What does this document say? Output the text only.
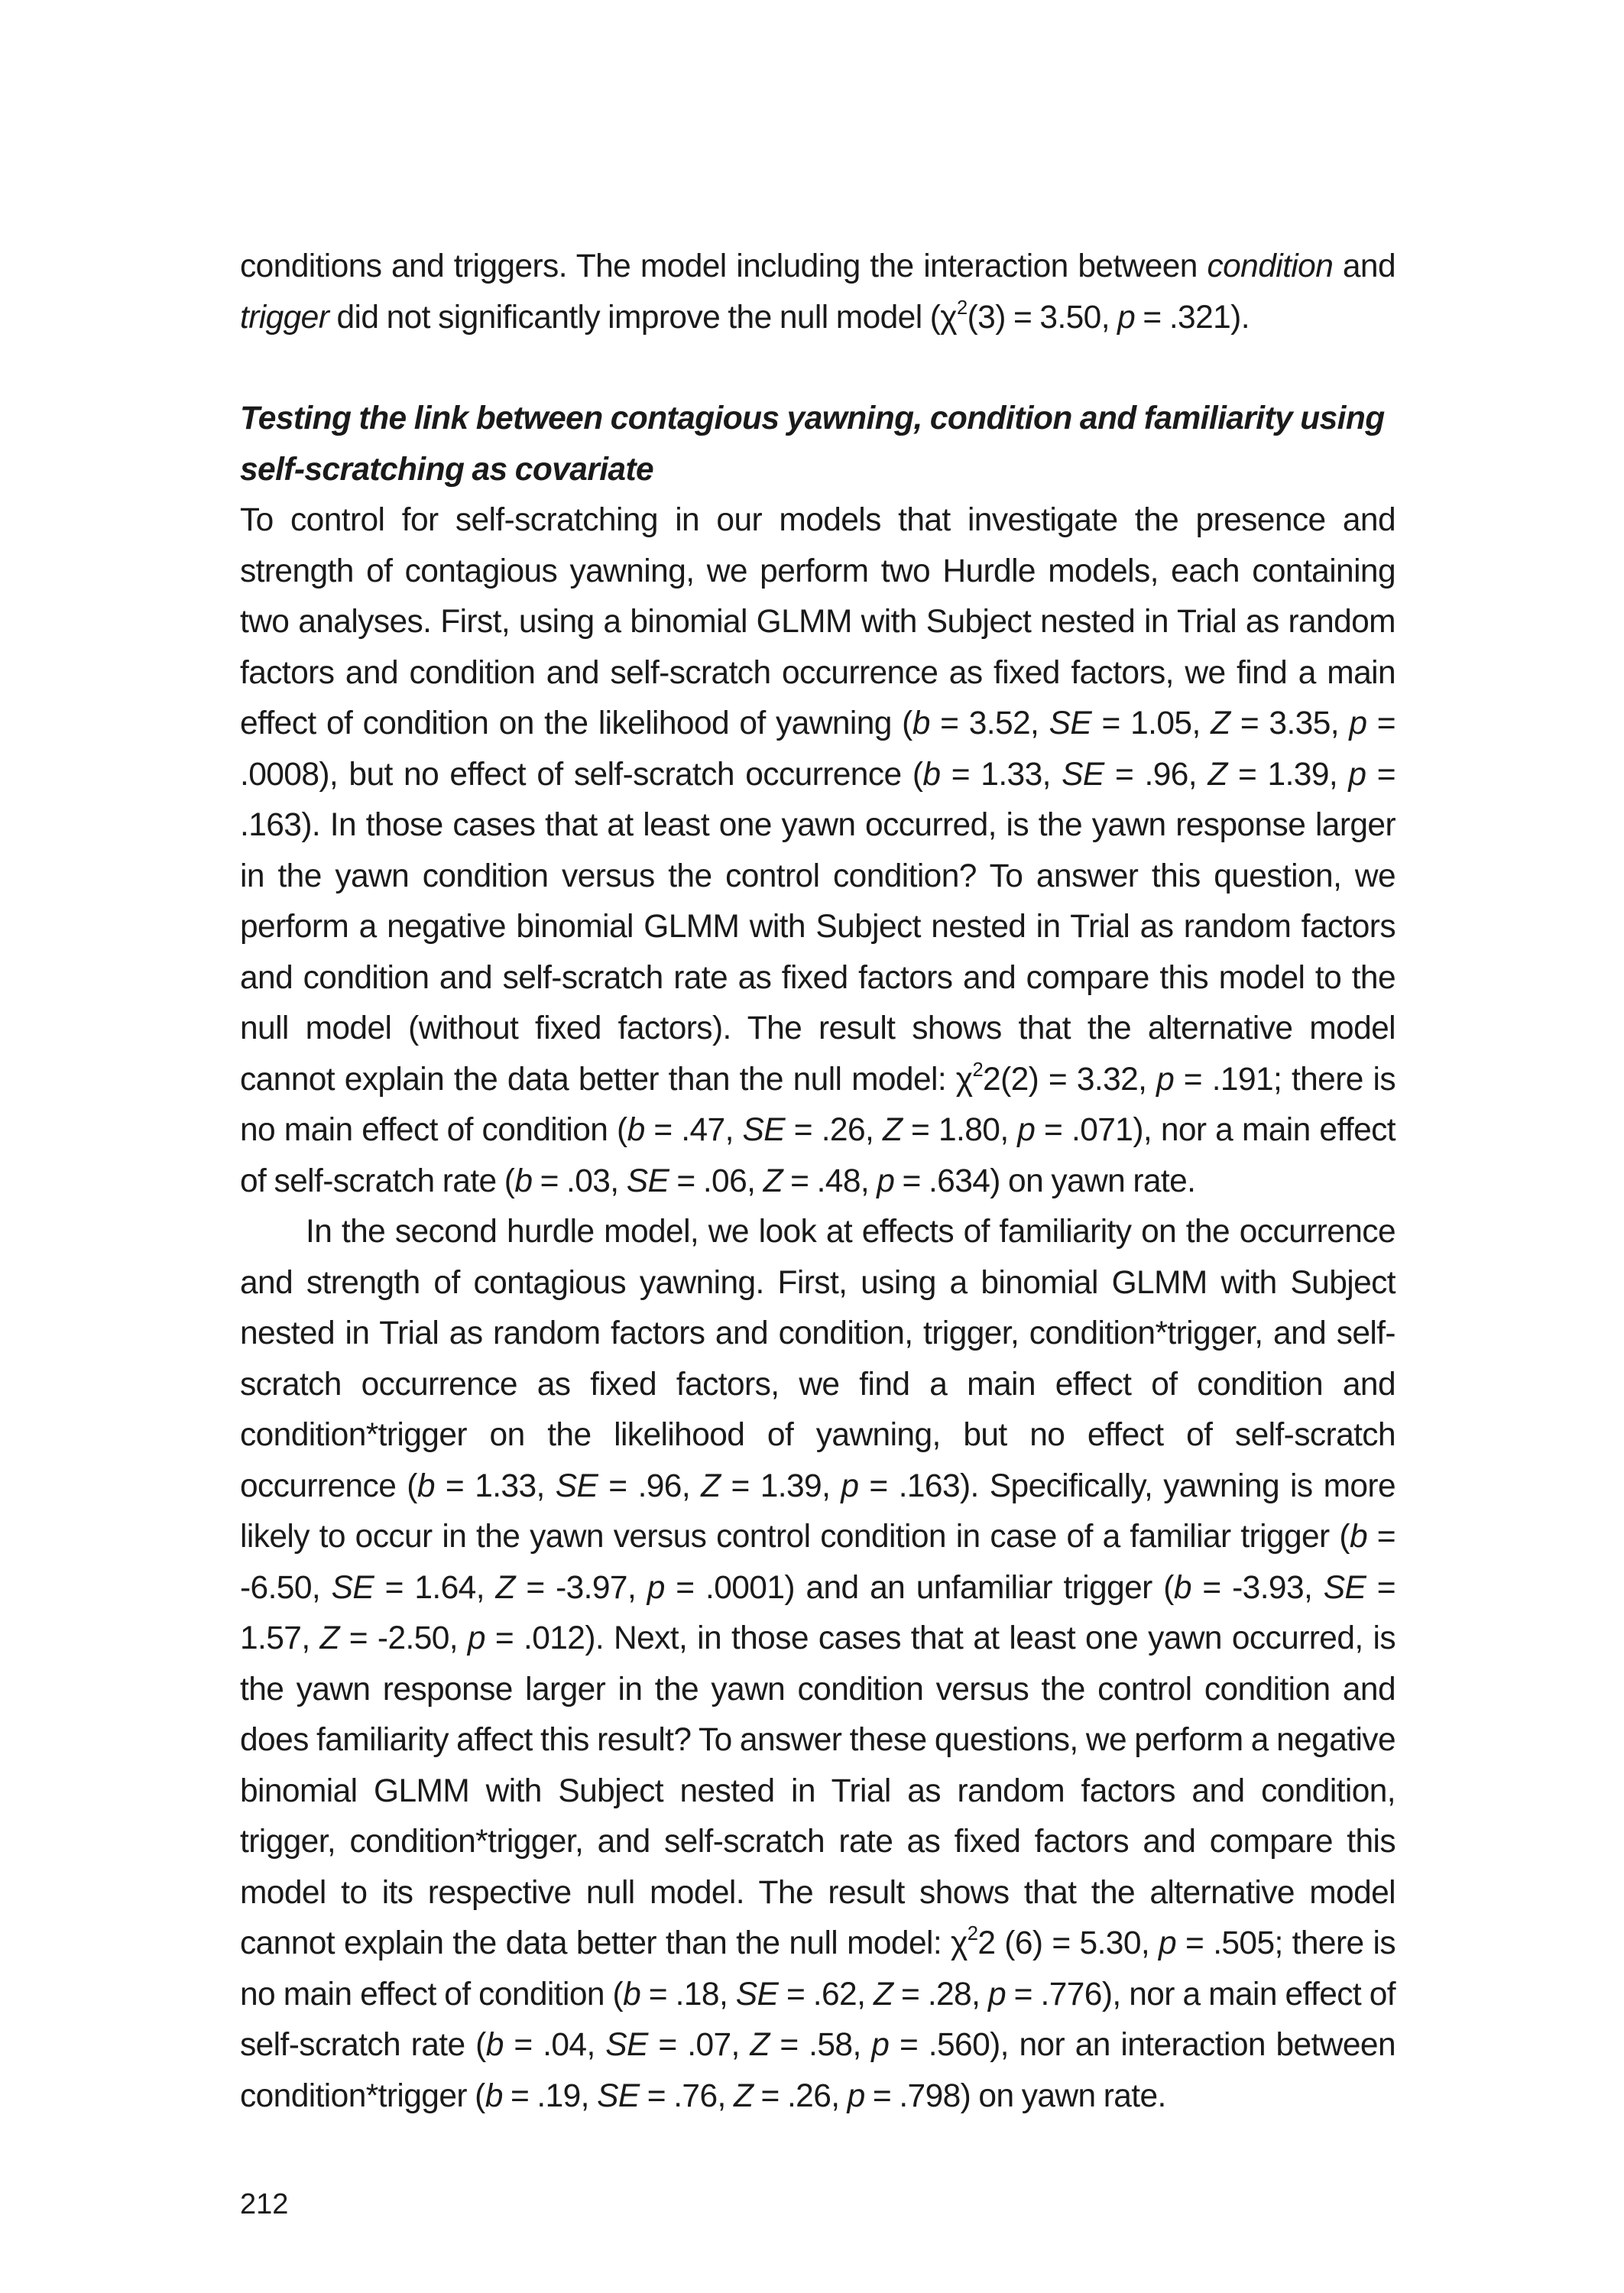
conditions and triggers. The model including the interaction between condition and trigger did not significantly improve the null model ($\chi^2(3) = 3.50$, p = .321).

Testing the link between contagious yawning, condition and familiarity using self-scratching as covariate

To control for self-scratching in our models that investigate the presence and strength of contagious yawning, we perform two Hurdle models, each containing two analyses. First, using a binomial GLMM with Subject nested in Trial as random factors and condition and self-scratch occurrence as fixed factors, we find a main effect of condition on the likelihood of yawning (b = 3.52, SE = 1.05, Z = 3.35, p = .0008), but no effect of self-scratch occurrence (b = 1.33, SE = .96, Z = 1.39, p = .163). In those cases that at least one yawn occurred, is the yawn response larger in the yawn condition versus the control condition? To answer this question, we perform a negative binomial GLMM with Subject nested in Trial as random factors and condition and self-scratch rate as fixed factors and compare this model to the null model (without fixed factors). The result shows that the alternative model cannot explain the data better than the null model: $\chi^22(2) = 3.32$, p = .191; there is no main effect of condition (b = .47, SE = .26, Z = 1.80, p = .071), nor a main effect of self-scratch rate (b = .03, SE = .06, Z = .48, p = .634) on yawn rate.

In the second hurdle model, we look at effects of familiarity on the occurrence and strength of contagious yawning. First, using a binomial GLMM with Subject nested in Trial as random factors and condition, trigger, condition*trigger, and self-scratch occurrence as fixed factors, we find a main effect of condition and condition*trigger on the likelihood of yawning, but no effect of self-scratch occurrence (b = 1.33, SE = .96, Z = 1.39, p = .163). Specifically, yawning is more likely to occur in the yawn versus control condition in case of a familiar trigger (b = -6.50, SE = 1.64, Z = -3.97, p = .0001) and an unfamiliar trigger (b = -3.93, SE = 1.57, Z = -2.50, p = .012). Next, in those cases that at least one yawn occurred, is the yawn response larger in the yawn condition versus the control condition and does familiarity affect this result? To answer these questions, we perform a negative binomial GLMM with Subject nested in Trial as random factors and condition, trigger, condition*trigger, and self-scratch rate as fixed factors and compare this model to its respective null model. The result shows that the alternative model cannot explain the data better than the null model: $\chi^22$ (6) = 5.30, p = .505; there is no main effect of condition (b = .18, SE = .62, Z = .28, p = .776), nor a main effect of self-scratch rate (b = .04, SE = .07, Z = .58, p = .560), nor an interaction between condition*trigger (b = .19, SE = .76, Z = .26, p = .798) on yawn rate.

212
